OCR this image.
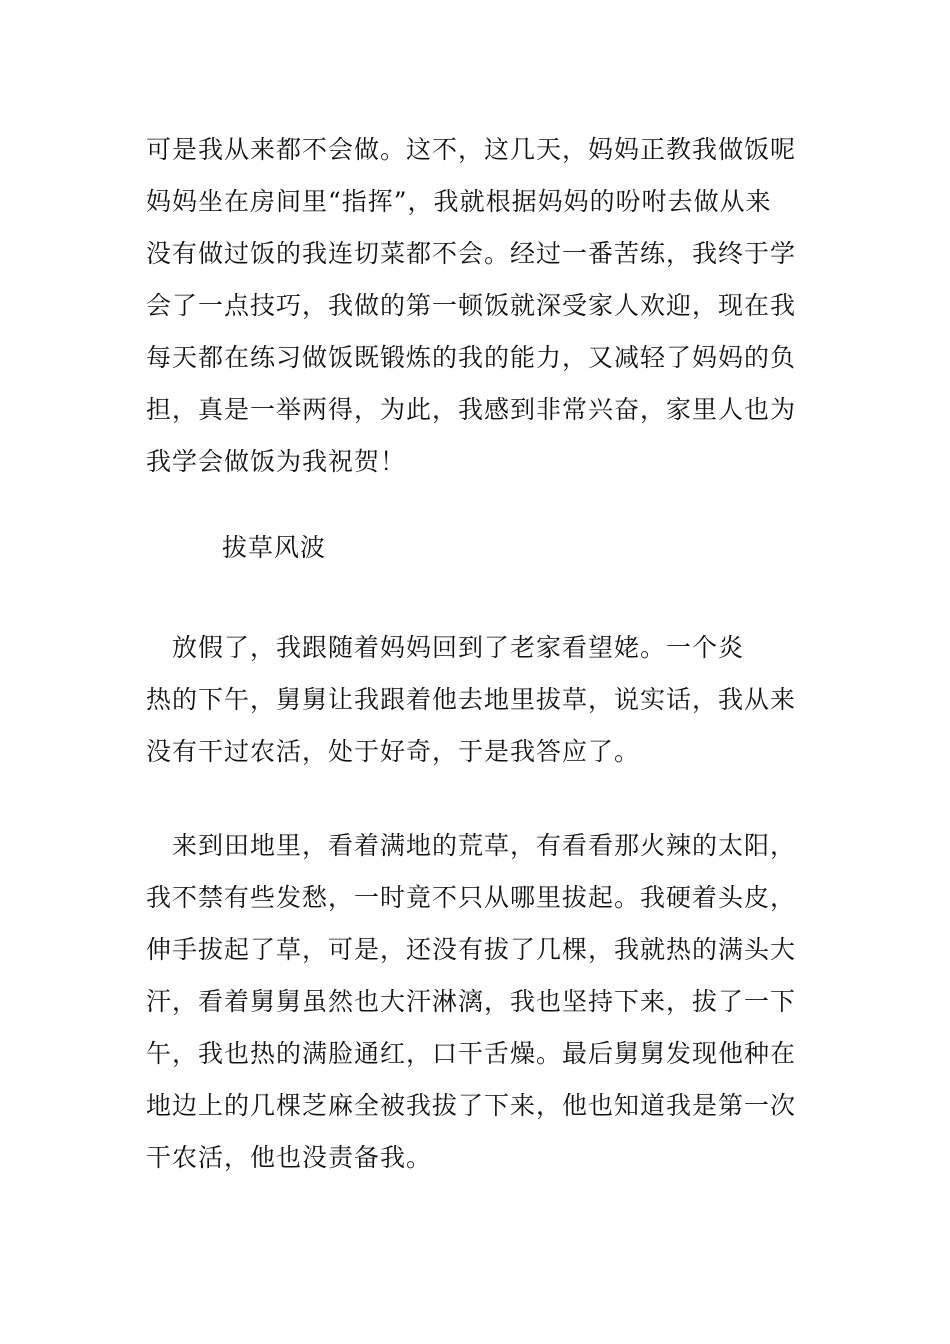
可是我从来都不会做。这不，这几天，妈妈正教我做饭呢
妈妈坐在房间里“指挥”，我就根据妈妈的吩咐去做从来
没有做过饭的我连切菜都不会。经过一番苦练，我终于学
会了一点技巧，我做的第一顿饭就深受家人欢迎，现在我
每天都在练习做饭既锻炼的我的能力，又减轻了妈妈的负
担，真是一举两得，为此，我感到非常兴奋，家里人也为
我学会做饭为我祝贺！
拔草风波
　放假了，我跟随着妈妈回到了老家看望姥。一个炎
热的下午，舅舅让我跟着他去地里拔草，说实话，我从来
没有干过农活，处于好奇，于是我答应了。
　来到田地里，看着满地的荒草，有看看那火辣的太阳，
我不禁有些发愁，一时竟不只从哪里拔起。我硬着头皮，
伸手拔起了草，可是，还没有拔了几棵，我就热的满头大
汗，看着舅舅虽然也大汗淋漓，我也坚持下来，拔了一下
午，我也热的满脸通红，口干舌燥。最后舅舅发现他种在
地边上的几棵芝麻全被我拔了下来，他也知道我是第一次
干农活，他也没责备我。
